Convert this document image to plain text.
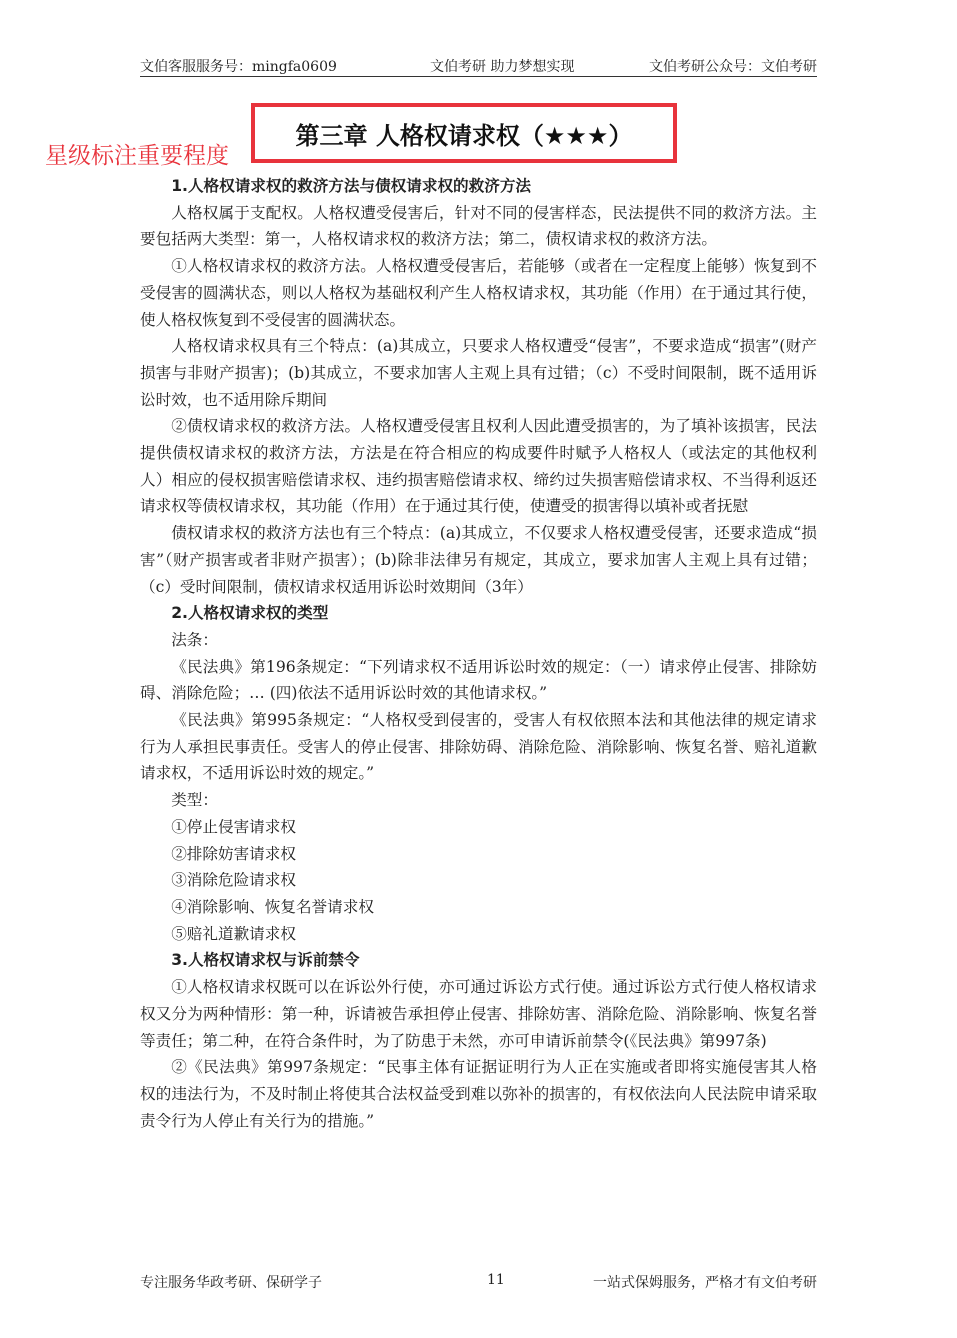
文伯客服服务号：mingfa0609	文伯考研 助力梦想实现	文伯考研公众号：文伯考研
星级标注重要程度
第三章 人格权请求权（★★★）

1.人格权请求权的救济方法与债权请求权的救济方法

人格权属于支配权。人格权遭受侵害后，针对不同的侵害样态，民法提供不同的救济方法。主要包括两大类型：第一，人格权请求权的救济方法；第二，债权请求权的救济方法。

①人格权请求权的救济方法。人格权遭受侵害后，若能够（或者在一定程度上能够）恢复到不受侵害的圆满状态，则以人格权为基础权利产生人格权请求权，其功能（作用）在于通过其行使，使人格权恢复到不受侵害的圆满状态。

人格权请求权具有三个特点：(a)其成立，只要求人格权遭受“侵害”，不要求造成“损害”(财产损害与非财产损害)；(b)其成立，不要求加害人主观上具有过错；（c）不受时间限制，既不适用诉讼时效，也不适用除斥期间

②债权请求权的救济方法。人格权遭受侵害且权利人因此遭受损害的，为了填补该损害，民法提供债权请求权的救济方法，方法是在符合相应的构成要件时赋予人格权人（或法定的其他权利人）相应的侵权损害赔偿请求权、违约损害赔偿请求权、缔约过失损害赔偿请求权、不当得利返还请求权等债权请求权，其功能（作用）在于通过其行使，使遭受的损害得以填补或者抚慰

债权请求权的救济方法也有三个特点：(a)其成立，不仅要求人格权遭受侵害，还要求造成“损害”（财产损害或者非财产损害）；(b)除非法律另有规定，其成立，要求加害人主观上具有过错；（c）受时间限制，债权请求权适用诉讼时效期间（3年）

2.人格权请求权的类型

法条：

《民法典》第196条规定：“下列请求权不适用诉讼时效的规定：（一）请求停止侵害、排除妨碍、消除危险；… (四)依法不适用诉讼时效的其他请求权。”

《民法典》第995条规定：“人格权受到侵害的，受害人有权依照本法和其他法律的规定请求行为人承担民事责任。受害人的停止侵害、排除妨碍、消除危险、消除影响、恢复名誉、赔礼道歉请求权，不适用诉讼时效的规定。”

类型：

①停止侵害请求权

②排除妨害请求权

③消除危险请求权

④消除影响、恢复名誉请求权

⑤赔礼道歉请求权

3.人格权请求权与诉前禁令

①人格权请求权既可以在诉讼外行使，亦可通过诉讼方式行使。通过诉讼方式行使人格权请求权又分为两种情形：第一种，诉请被告承担停止侵害、排除妨害、消除危险、消除影响、恢复名誉等责任；第二种，在符合条件时，为了防患于未然，亦可申请诉前禁令(《民法典》第997条)

②《民法典》第997条规定：“民事主体有证据证明行为人正在实施或者即将实施侵害其人格权的违法行为，不及时制止将使其合法权益受到难以弥补的损害的，有权依法向人民法院申请采取责令行为人停止有关行为的措施。”

专注服务华政考研、保研学子	11	一站式保姆服务，严格才有文伯考研
